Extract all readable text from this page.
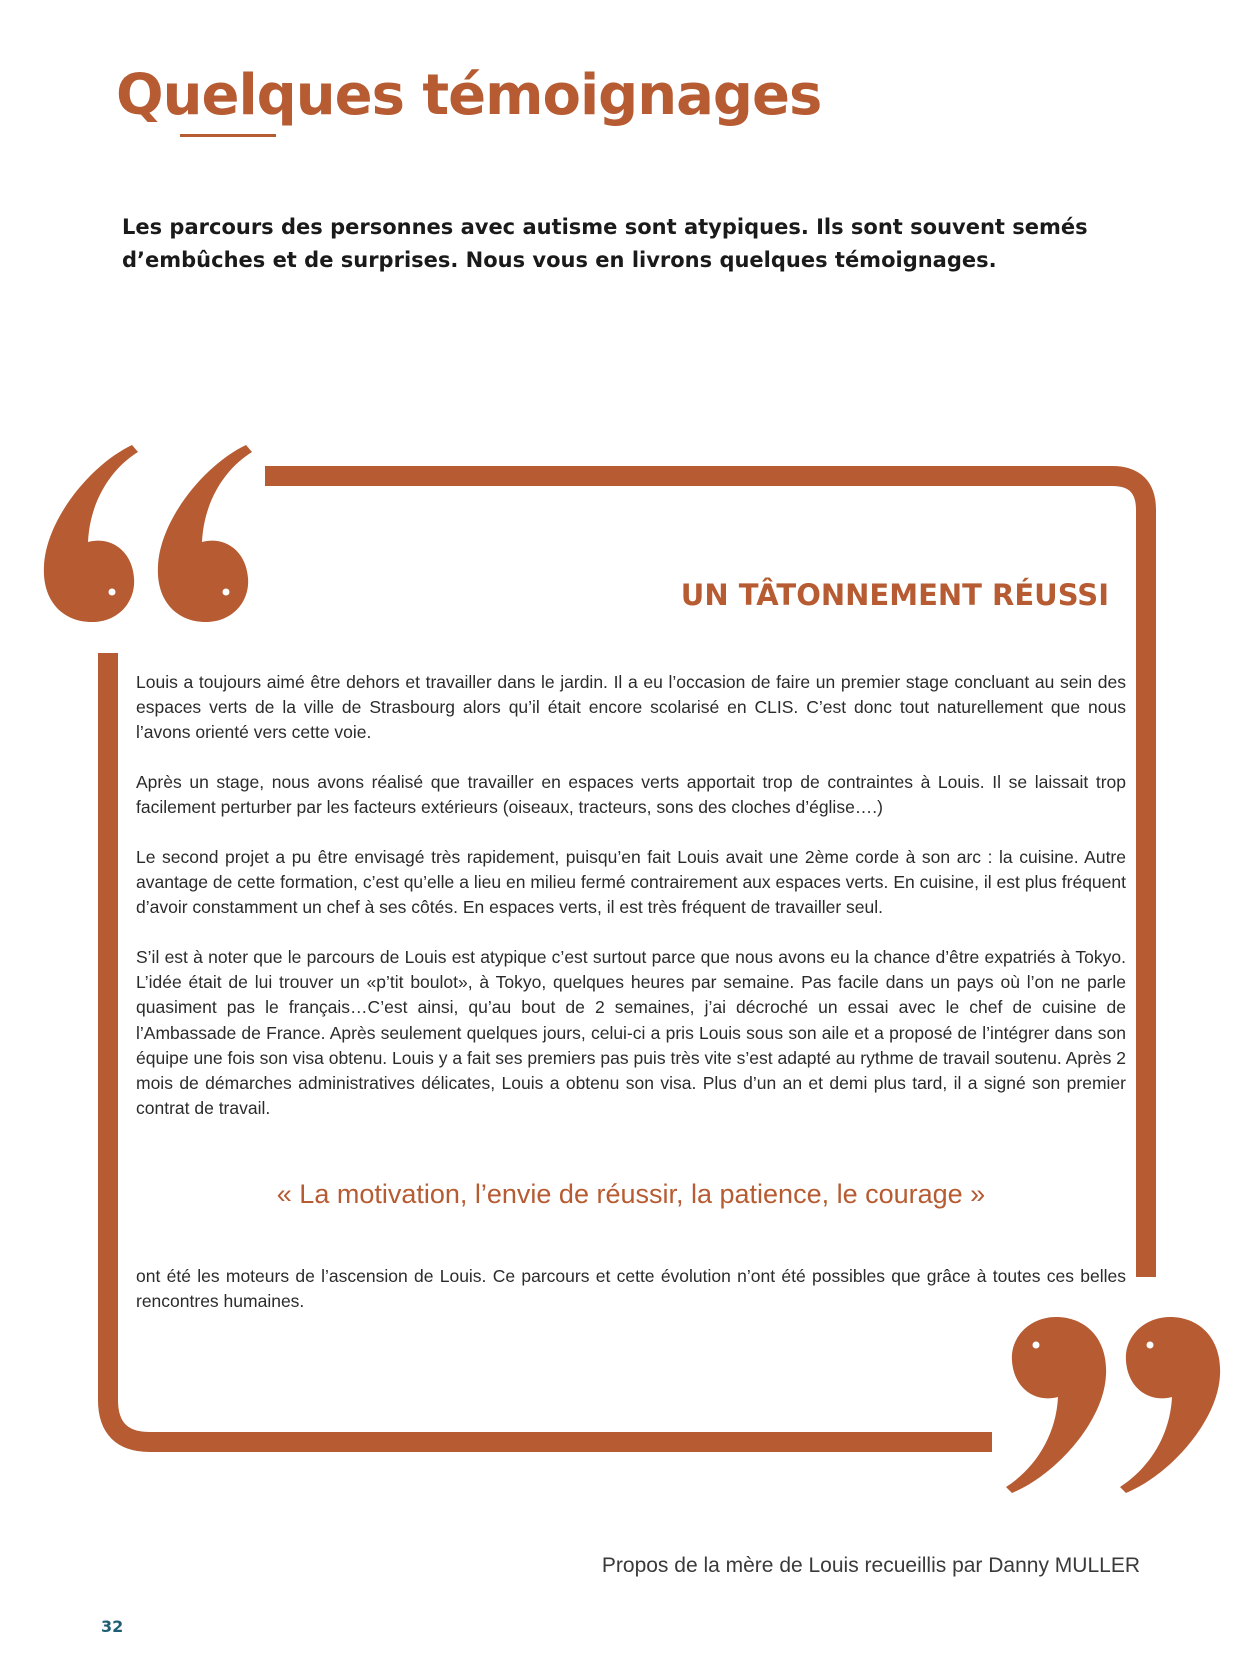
Quelques témoignages

Les parcours des personnes avec autisme sont atypiques. Ils sont souvent semés d’embûches et de surprises. Nous vous en livrons quelques témoignages.

UN TÂTONNEMENT RÉUSSI

Louis a toujours aimé être dehors et travailler dans le jardin. Il a eu l’occasion de faire un premier stage concluant au sein des espaces verts de la ville de Strasbourg alors qu’il était encore scolarisé en CLIS. C’est donc tout naturellement que nous l’avons orienté vers cette voie.

Après un stage, nous avons réalisé que travailler en espaces verts apportait trop de contraintes à Louis. Il se laissait trop facilement perturber par les facteurs extérieurs (oiseaux, tracteurs, sons des cloches d’église….)

Le second projet a pu être envisagé très rapidement, puisqu’en fait Louis avait une 2ème corde à son arc : la cuisine. Autre avantage de cette formation, c’est qu’elle a lieu en milieu fermé contrairement aux espaces verts. En cuisine, il est plus fréquent d’avoir constamment un chef à ses côtés. En espaces verts, il est très fréquent de travailler seul.

S’il est à noter que le parcours de Louis est atypique c’est surtout parce que nous avons eu la chance d’être expatriés à Tokyo. L’idée était de lui trouver un «p’tit boulot», à Tokyo, quelques heures par semaine. Pas facile dans un pays où l’on ne parle quasiment pas le français…C’est ainsi, qu’au bout de 2 semaines, j’ai décroché un essai avec le chef de cuisine de l’Ambassade de France. Après seulement quelques jours, celui-ci a pris Louis sous son aile et a proposé de l’intégrer dans son équipe une fois son visa obtenu. Louis y a fait ses premiers pas puis très vite s’est adapté au rythme de travail soutenu. Après 2 mois de démarches administratives délicates, Louis a obtenu son visa. Plus d’un an et demi plus tard, il a signé son premier contrat de travail.

« La motivation, l’envie de réussir, la patience, le courage »

ont été les moteurs de l’ascension de Louis. Ce parcours et cette évolution n’ont été possibles que grâce à toutes ces belles rencontres humaines.

Propos de la mère de Louis recueillis par Danny MULLER

32
